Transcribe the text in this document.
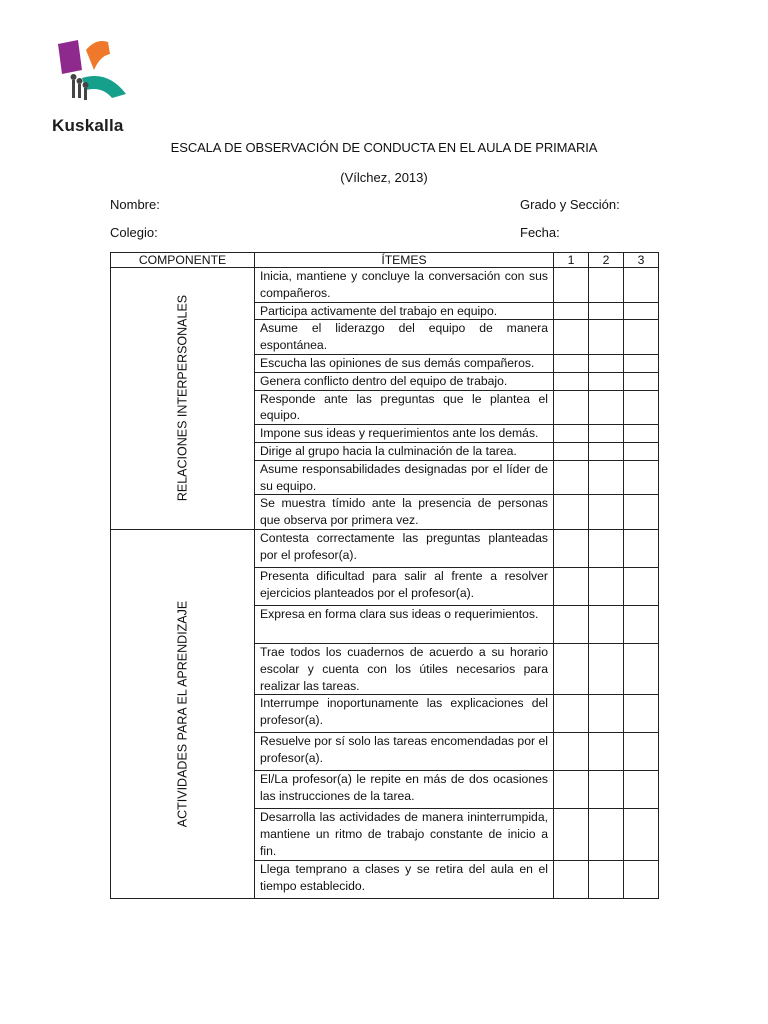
Kuskalla
ESCALA DE OBSERVACIÓN DE CONDUCTA EN EL AULA DE PRIMARIA
(Vílchez, 2013)
Nombre:	Grado y Sección:
Colegio:	Fecha:
COMPONENTE	ÍTEMES	1	2	3

RELACIONES INTERPERSONALES	Inicia, mantiene y concluye la conversación con sus compañeros.			
	Participa activamente del trabajo en equipo.			
	Asume el liderazgo del equipo de manera espontánea.			
	Escucha las opiniones de sus demás compañeros.			
	Genera conflicto dentro del equipo de trabajo.			
	Responde ante las preguntas que le plantea el equipo.			
	Impone sus ideas y requerimientos ante los demás.			
	Dirige al grupo hacia la culminación de la tarea.			
	Asume responsabilidades designadas por el líder de su equipo.			
	Se muestra tímido ante la presencia de personas que observa por primera vez.			

ACTIVIDADES PARA EL APRENDIZAJE	Contesta correctamente las preguntas planteadas por el profesor(a).			
	Presenta dificultad para salir al frente a resolver ejercicios planteados por el profesor(a).			
	Expresa en forma clara sus ideas o requerimientos.			
	Trae todos los cuadernos de acuerdo a su horario escolar y cuenta con los útiles necesarios para realizar las tareas.			
	Interrumpe inoportunamente las explicaciones del profesor(a).			
	Resuelve por sí solo las tareas encomendadas por el profesor(a).			
	El/La profesor(a) le repite en más de dos ocasiones las instrucciones de la tarea.			
	Desarrolla las actividades de manera ininterrumpida, mantiene un ritmo de trabajo constante de inicio a fin.			
	Llega temprano a clases y se retira del aula en el tiempo establecido.			
